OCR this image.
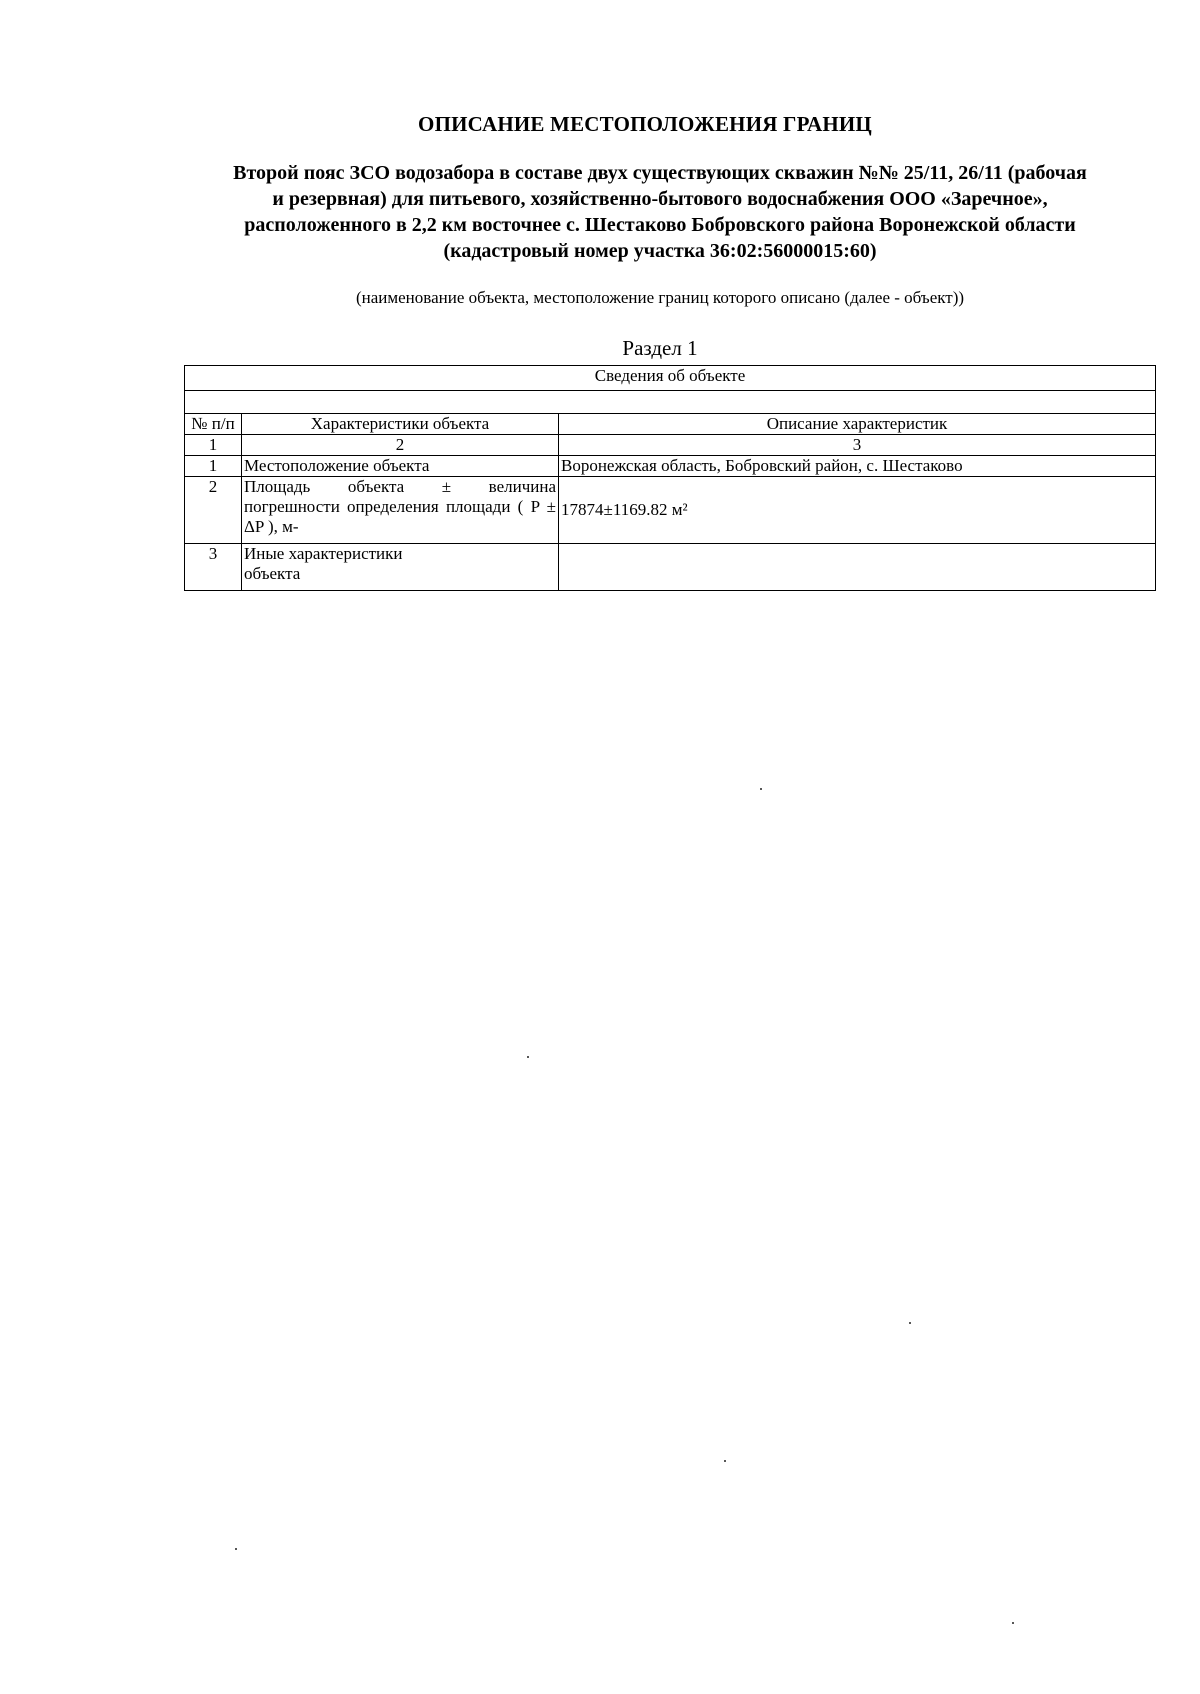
ОПИСАНИЕ МЕСТОПОЛОЖЕНИЯ ГРАНИЦ
Второй пояс ЗСО водозабора в составе двух существующих скважин №№ 25/11, 26/11 (рабочая
и резервная) для питьевого, хозяйственно-бытового водоснабжения ООО «Заречное»,
расположенного в 2,2 км восточнее с. Шестаково Бобровского района Воронежской области
(кадастровый номер участка 36:02:56000015:60)
(наименование объекта, местоположение границ которого описано (далее - объект))
Раздел 1
Сведения об объекте		

№ п/п	Характеристики объекта	Описание характеристик
1	2	3
1	Местоположение объекта	Воронежская область, Бобровский район, с. Шестаково
2	Площадь объекта ± величина погрешности определения площади ( P ± ΔP ), м-	17874±1169.82 м²
3	Иные характеристики объекта	
